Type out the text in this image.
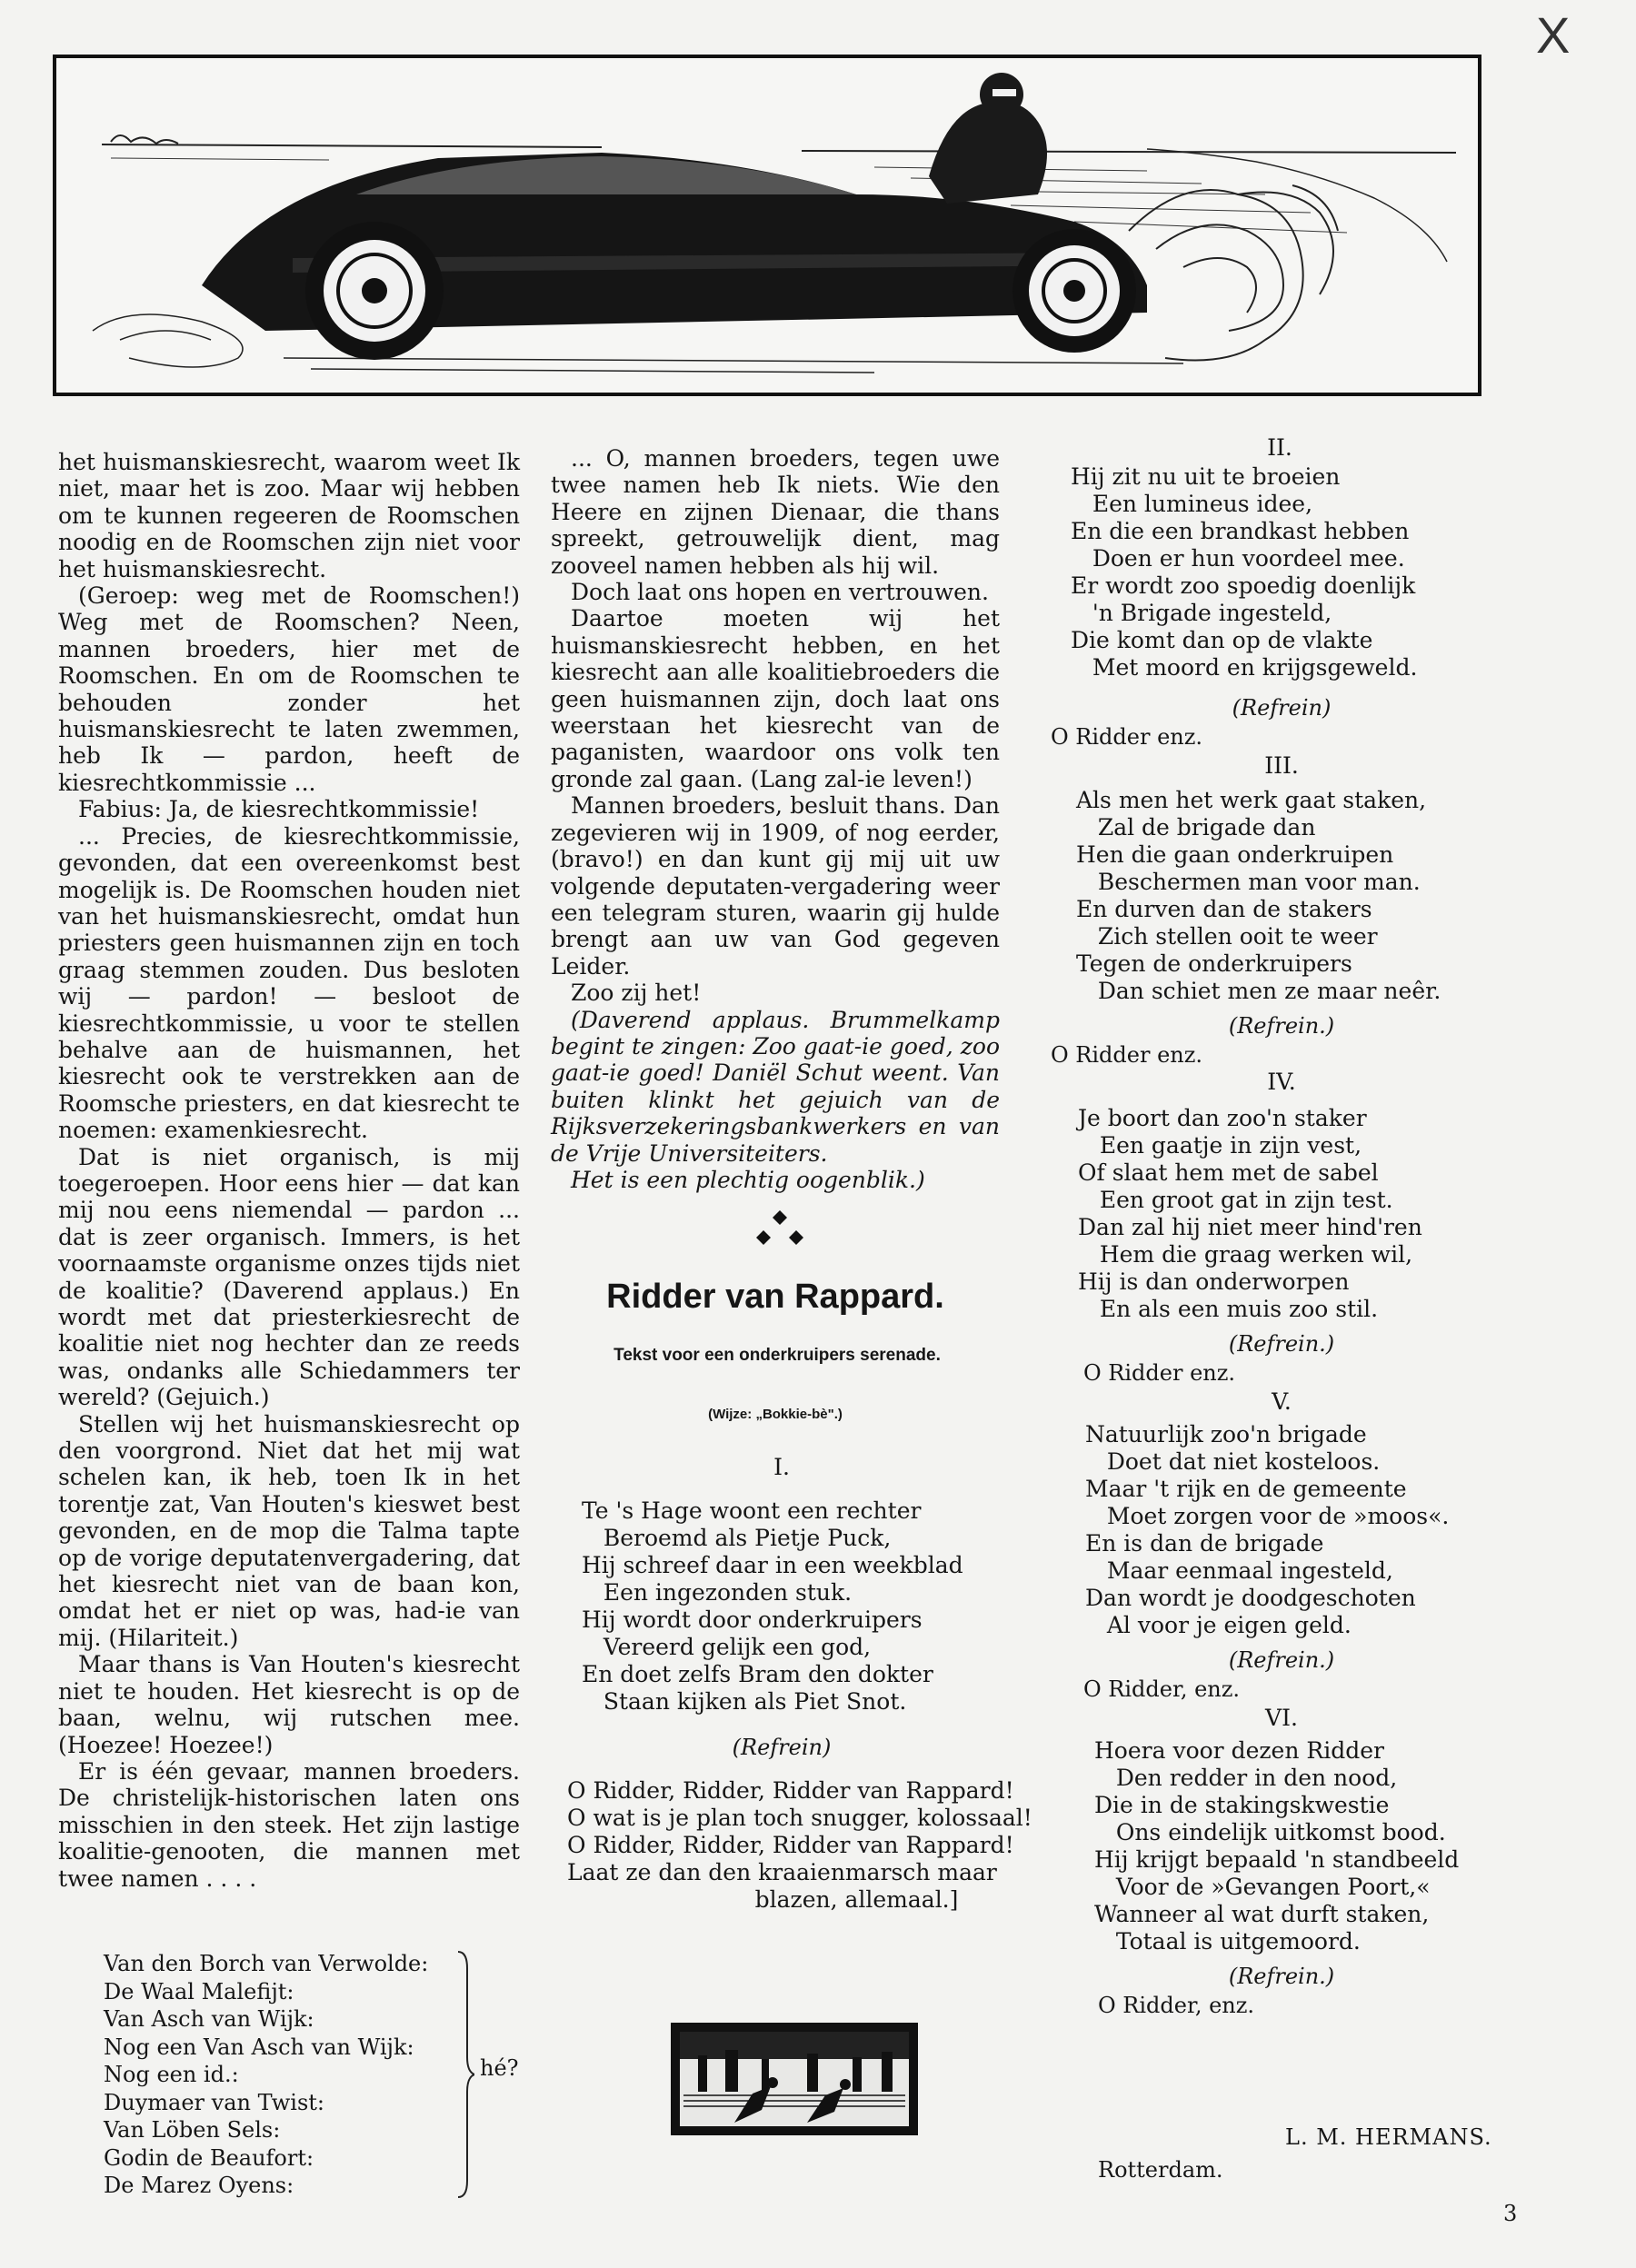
X

het huismanskiesrecht, waarom weet Ik niet, maar het is zoo. Maar wij hebben om te kunnen regeeren de Roomschen noodig en de Roomschen zijn niet voor het huismanskiesrecht.

(Geroep: weg met de Roomschen!) Weg met de Roomschen? Neen, mannen broeders, hier met de Roomschen. En om de Roomschen te behouden zonder het huismanskiesrecht te laten zwemmen, heb Ik — pardon, heeft de kiesrechtkommissie ...

Fabius: Ja, de kiesrechtkommissie!

... Precies, de kiesrechtkommissie, gevonden, dat een overeenkomst best mogelijk is. De Roomschen houden niet van het huismanskiesrecht, omdat hun priesters geen huismannen zijn en toch graag stemmen zouden. Dus besloten wij — pardon! — besloot de kiesrechtkommissie, u voor te stellen behalve aan de huismannen, het kiesrecht ook te verstrekken aan de Roomsche priesters, en dat kiesrecht te noemen: examenkiesrecht.

Dat is niet organisch, is mij toegeroepen. Hoor eens hier — dat kan mij nou eens niemendal — pardon ... dat is zeer organisch. Immers, is het voornaamste organisme onzes tijds niet de koalitie? (Daverend applaus.) En wordt met dat priesterkiesrecht de koalitie niet nog hechter dan ze reeds was, ondanks alle Schiedammers ter wereld? (Gejuich.)

Stellen wij het huismanskiesrecht op den voorgrond. Niet dat het mij wat schelen kan, ik heb, toen Ik in het torentje zat, Van Houten's kieswet best gevonden, en de mop die Talma tapte op de vorige deputatenvergadering, dat het kiesrecht niet van de baan kon, omdat het er niet op was, had-ie van mij. (Hilariteit.)

Maar thans is Van Houten's kiesrecht niet te houden. Het kiesrecht is op de baan, welnu, wij rutschen mee. (Hoezee! Hoezee!)

Er is één gevaar, mannen broeders. De christelijk-historischen laten ons misschien in den steek. Het zijn lastige koalitie-genooten, die mannen met twee namen . . . .

Van den Borch van Verwolde:
De Waal Malefijt:
Van Asch van Wijk:
Nog een Van Asch van Wijk:
Nog een id.:
Duymaer van Twist:
Van Löben Sels:
Godin de Beaufort:
De Marez Oyens:
hé?

... O, mannen broeders, tegen uwe twee namen heb Ik niets. Wie den Heere en zijnen Dienaar, die thans spreekt, getrouwelijk dient, mag zooveel namen hebben als hij wil.

Doch laat ons hopen en vertrouwen.

Daartoe moeten wij het huismanskiesrecht hebben, en het kiesrecht aan alle koalitiebroeders die geen huismannen zijn, doch laat ons weerstaan het kiesrecht van de paganisten, waardoor ons volk ten gronde zal gaan. (Lang zal-ie leven!)

Mannen broeders, besluit thans. Dan zegevieren wij in 1909, of nog eerder, (bravo!) en dan kunt gij mij uit uw volgende deputaten-vergadering weer een telegram sturen, waarin gij hulde brengt aan uw van God gegeven Leider.

Zoo zij het!

(Daverend applaus. Brummelkamp begint te zingen: Zoo gaat-ie goed, zoo gaat-ie goed! Daniël Schut weent. Van buiten klinkt het gejuich van de Rijksverzekeringsbankwerkers en van de Vrije Universiteiters.

Het is een plechtig oogenblik.)

Ridder van Rappard.
Tekst voor een onderkruipers serenade.
(Wijze: „Bokkie-bè".)
I.
Te 's Hage woont een rechter
Beroemd als Pietje Puck,
Hij schreef daar in een weekblad
Een ingezonden stuk.
Hij wordt door onderkruipers
Vereerd gelijk een god,
En doet zelfs Bram den dokter
Staan kijken als Piet Snot.
(Refrein)
O Ridder, Ridder, Ridder van Rappard!
O wat is je plan toch snugger, kolossaal!
O Ridder, Ridder, Ridder van Rappard!
Laat ze dan den kraaienmarsch maar
blazen, allemaal.]
II.
Hij zit nu uit te broeien
Een lumineus idee,
En die een brandkast hebben
Doen er hun voordeel mee.
Er wordt zoo spoedig doenlijk
'n Brigade ingesteld,
Die komt dan op de vlakte
Met moord en krijgsgeweld.
(Refrein)
O Ridder enz.
III.
Als men het werk gaat staken,
Zal de brigade dan
Hen die gaan onderkruipen
Beschermen man voor man.
En durven dan de stakers
Zich stellen ooit te weer
Tegen de onderkruipers
Dan schiet men ze maar neêr.
(Refrein.)
O Ridder enz.
IV.
Je boort dan zoo'n staker
Een gaatje in zijn vest,
Of slaat hem met de sabel
Een groot gat in zijn test.
Dan zal hij niet meer hind'ren
Hem die graag werken wil,
Hij is dan onderworpen
En als een muis zoo stil.
(Refrein.)
O Ridder enz.
V.
Natuurlijk zoo'n brigade
Doet dat niet kosteloos.
Maar 't rijk en de gemeente
Moet zorgen voor de »moos«.
En is dan de brigade
Maar eenmaal ingesteld,
Dan wordt je doodgeschoten
Al voor je eigen geld.
(Refrein.)
O Ridder, enz.
VI.
Hoera voor dezen Ridder
Den redder in den nood,
Die in de stakingskwestie
Ons eindelijk uitkomst bood.
Hij krijgt bepaald 'n standbeeld
Voor de »Gevangen Poort,«
Wanneer al wat durft staken,
Totaal is uitgemoord.
(Refrein.)
O Ridder, enz.
L. M. HERMANS.
Rotterdam.
3
